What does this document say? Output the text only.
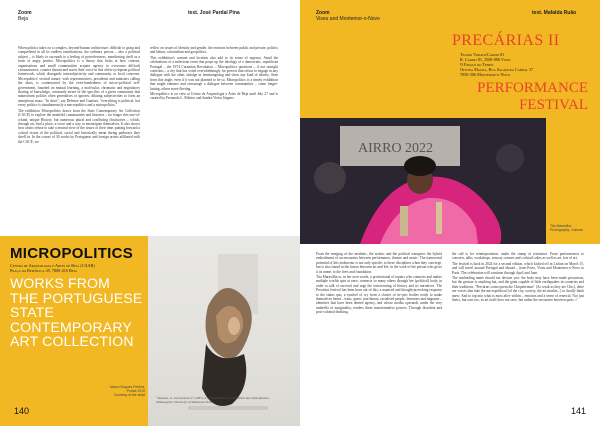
Zoom
Beja
text. José Pardal Pina

When politics takes on a complex, beyond-human architecture, difficult to grasp and comprehend in all its endless ramifications, the ordinary person – also a political subject – is likely to succumb to a feeling of powerlessness, manifesting itself as a form of angry protest. Micropolitics is a theory that looks at how citizens, organisations and small communities acquire agency to overcome difficult circumstances, counter dissent and assert their voice in this often-cyclopean political framework, which disregards intersubjectivity and community or local concerns. Micropolitics' vertical nature, with representatives, presidents and ministers calling the shots, is counteracted by the even-handedness of micro-political self-government, founded on mutual learning, a molecular, chromatic and negotiatory sharing of knowledge, constantly aware of the specifics of a given community that mainstream politics often generalises or ignores, diluting subjectivities to form an amorphous mass. "In short", say Deleuze and Guattari, "everything is political, but every politics is simultaneously a macropolitics and a micropolitics."

The exhibition Micropolitics draws from the State Contemporary Art Collection (CACE) to explore the manifold communities and histories – no longer this one-of-a-kind, unique History, but numerous plural and conflicting (his)stories – which, through art, find a place, a voice and a way to emancipate themselves. It also shows how artists refuse to take a neutral view of the issues of their time, putting forward a critical vision of the political, social and historically mean during pathways they dwell in. In the course of 30 works by Portuguese and foreign artists affiliated with the CACE, we

reflect on issues of identity and gender, the tensions between public and private, politics and labour, colonialism and geopolitics.

This exhibition's content and location also add to its sense of urgency. Amid the celebrations of a milestone event that props up the ideology of a democratic, republican Portugal – the 1974 Carnation Revolution – Micropolitics questions – if not outright confronts – a city that has voted overwhelmingly for powers that refuse to engage in any dialogue with the other, indulge in fearmongering and show any kind of alterity. Seen from this angle, even if it was not planned to be so, Micropolitics is a timely exhibition that might enhance and encourage a dialogue between communities – some longer-lasting, others more fleeting.

Micropolitics is on view at Centro de Arqueologia e Artes de Beja until July 27 and is curated by Fernando L. Ribeiro and Sandra Vieira Jürgens.

MICROPOLITICS
Centro de Arqueologia e Artes de Beja (CAAB)
Praça da República 45, 7800-416 Beja
WORKS FROM
THE PORTUGUESE
STATE
CONTEMPORARY
ART COLLECTION
Mauro Nogues Pereira, Portas 2019
Courtesy of the artist
¹ Deleuze, G. and Guattari, F. (1987). A thousand plateaus: capitalism and schizophrenia. Minneapolis: University of Minnesota Press.
140
Zoom
Viseu and Montemor-o-Novo
text. Mafalda Ruão
PRECÁRIAS II
Teatro Viriato/Carmo 81
R. Carmo 81, 3500-096 Viseu
O Espaço do Tempo
Oficina Magna, Rua Sacadura Cabral 37
7050-306 Montemor-o-Novo
PERFORMANCE
FESTIVAL
AIRRO 2022
Tita Maravilha
Photography: Gaivota

From the merging of the aesthetic, the artistic and the political transpires the hybrid embodiment of an encounter between performance, theatre and music. The transversal potential of this endeavour is not only specific to these disciplines when they converge, but is also found in the fusion between art and life, in the work of the person who gives it its name, to the lives and foundation.

Tita Maravilha or, in her own words, a professional of repairs who connects and makes multiple worlds spin at once, connects so many others through her (political) body, in order to talk of survival and urge the restructuring of history and its narratives. The Precárias festival has been born out of this, a nuanced and thought-provoking response to the status quo, a symbol of cry from a cluster of in-sync bodies ready to make themselves heard – trans, queer, non-binary, racialised people, feminists and migrants – identities that have been denied agency, and whose modus operandi, under the very umbrella of marginality, renders them transformative powers. Through dissident and post-colonial thinking,

the call is for reinterpretation, under the stamp of resistance. From performances to concerts, talks, workshops, sensory courses and cocktail cakes as well as art, lots of art.

The festival is back in 2024 for a second edition, which kicked off in Lisbon on March 15, and will travel around Portugal and abroad – from Porto, Viseu and Montemor-o-Novo to Paris. The celebration will continue through April and June.

The misleading name should not deviate you: the body may have been made precarious, but the gesture is anything but, and the giant capable of little earthquakes in countries and their traditions. "Precárias como quem diz Chiquérrimas" (As weak as they are Chic), there are voices that take the micropolitical (of the city, society, the art market...) to finally think anew. And to tap into what is most alive within – emotion and a sense of renewal. Not just theirs, but ours too, as art itself does not save, but rather the encounter between parts. //

141
